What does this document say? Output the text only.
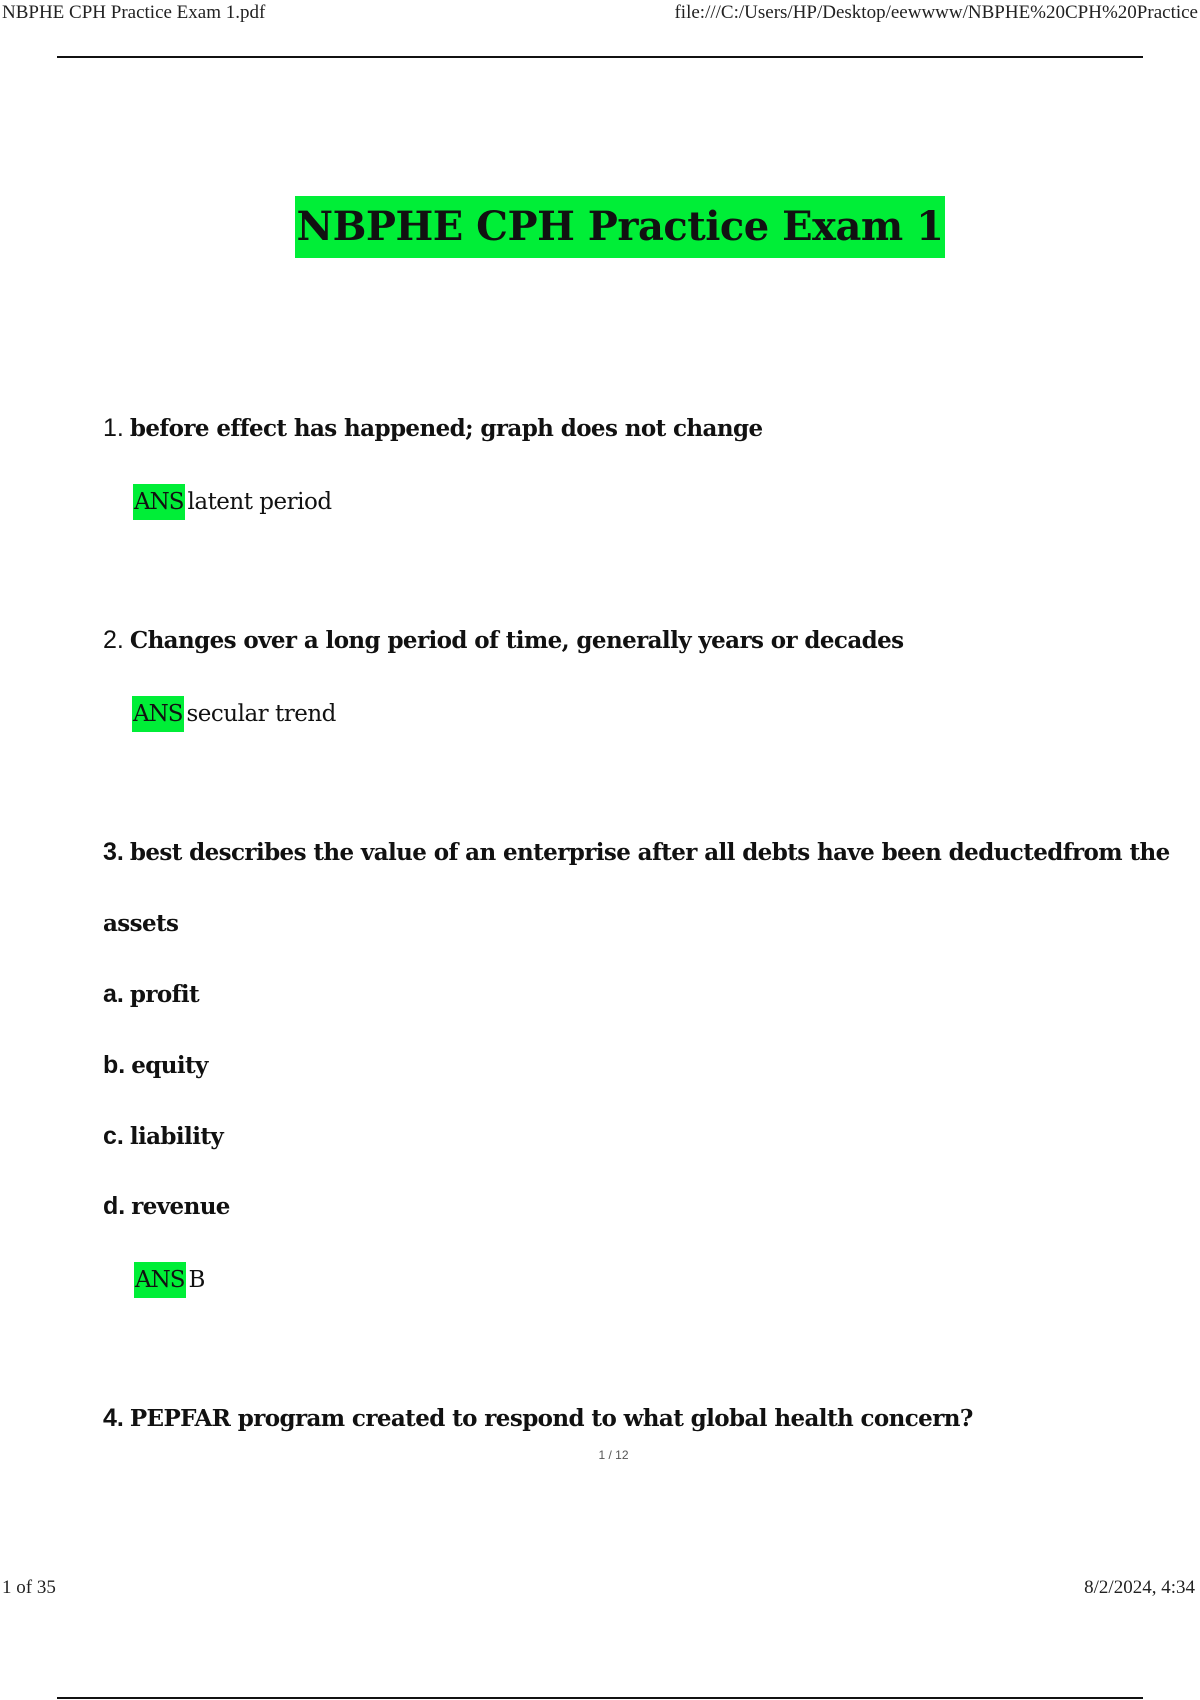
NBPHE CPH Practice Exam 1.pdf	file:///C:/Users/HP/Desktop/eewwww/NBPHE%20CPH%20Practice
NBPHE CPH Practice Exam 1
1. before effect has happened; graph does not change
ANS latent period
2. Changes over a long period of time, generally years or decades
ANS secular trend
3. best describes the value of an enterprise after all debts have been deductedfrom the
assets
a. profit
b. equity
c. liability
d. revenue
ANS B
4. PEPFAR program created to respond to what global health concern?
1 / 12
1 of 35	8/2/2024, 4:34
